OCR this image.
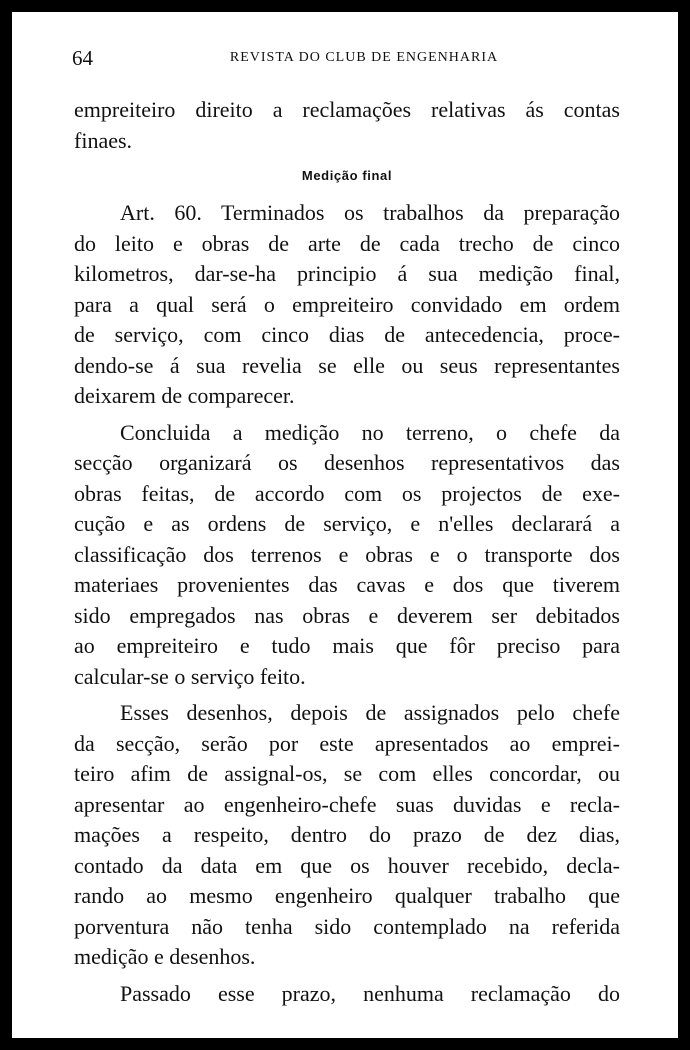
64	REVISTA DO CLUB DE ENGENHARIA
empreiteiro direito a reclamações relativas ás contas
finaes.
Medição final
Art. 60. Terminados os trabalhos da preparação
do leito e obras de arte de cada trecho de cinco
kilometros, dar-se-ha principio á sua medição final,
para a qual será o empreiteiro convidado em ordem
de serviço, com cinco dias de antecedencia, proce-
dendo-se á sua revelia se elle ou seus representantes
deixarem de comparecer.
Concluida a medição no terreno, o chefe da
secção organizará os desenhos representativos das
obras feitas, de accordo com os projectos de exe-
cução e as ordens de serviço, e n'elles declarará a
classificação dos terrenos e obras e o transporte dos
materiaes provenientes das cavas e dos que tiverem
sido empregados nas obras e deverem ser debitados
ao empreiteiro e tudo mais que fôr preciso para
calcular-se o serviço feito.
Esses desenhos, depois de assignados pelo chefe
da secção, serão por este apresentados ao emprei-
teiro afim de assignal-os, se com elles concordar, ou
apresentar ao engenheiro-chefe suas duvidas e recla-
mações a respeito, dentro do prazo de dez dias,
contado da data em que os houver recebido, decla-
rando ao mesmo engenheiro qualquer trabalho que
porventura não tenha sido contemplado na referida
medição e desenhos.
Passado esse prazo, nenhuma reclamação do
